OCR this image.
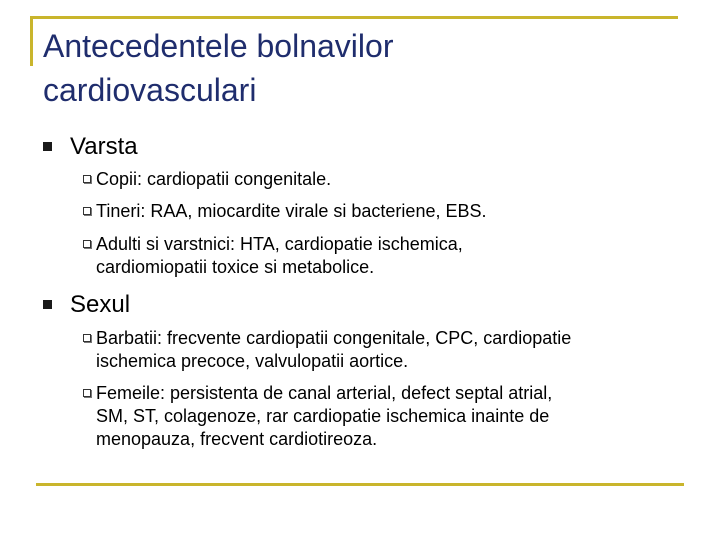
Antecedentele bolnavilor
cardiovasculari
Varsta
Copii: cardiopatii congenitale.
Tineri: RAA, miocardite virale si bacteriene, EBS.
Adulti si varstnici: HTA, cardiopatie ischemica,
cardiomiopatii toxice si metabolice.
Sexul
Barbatii: frecvente cardiopatii congenitale, CPC, cardiopatie
ischemica precoce, valvulopatii aortice.
Femeile: persistenta de canal arterial, defect septal atrial,
SM, ST, colagenoze, rar cardiopatie ischemica inainte de
menopauza, frecvent cardiotireoza.
